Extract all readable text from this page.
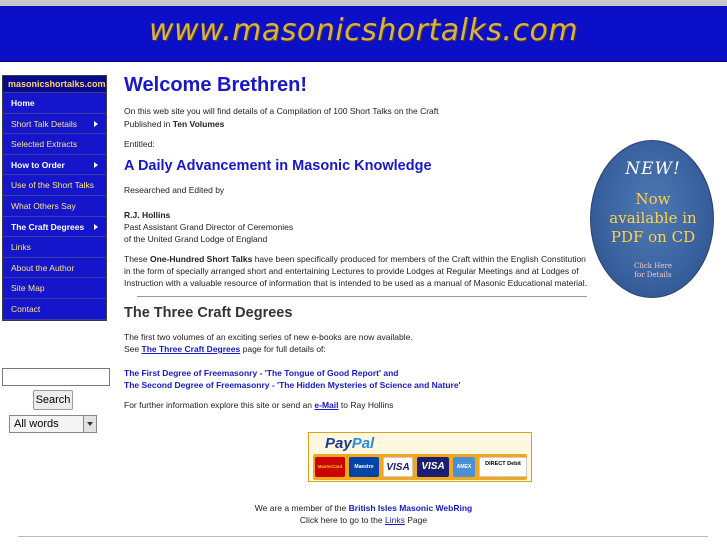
www.masonicshortalks.com
masonicshortalks.com
Home
Short Talk Details
Selected Extracts
How to Order
Use of the Short Talks
What Others Say
The Craft Degrees
Links
About the Author
Site Map
Contact
Search
All words
Welcome Brethren!
On this web site you will find details of a Compilation of 100 Short Talks on the Craft
Published in Ten Volumes
Entitled:
A Daily Advancement in Masonic Knowledge
Researched and Edited by
R.J. Hollins
Past Assistant Grand Director of Ceremonies
of the United Grand Lodge of England
These One-Hundred Short Talks have been specifically produced for members of the Craft within the English Constitution in the form of specially arranged short and entertaining Lectures to provide Lodges at Regular Meetings and at Lodges of Instruction with a valuable resource of information that is intended to be used as a manual of Masonic Educational material.
The Three Craft Degrees
The first two volumes of an exciting series of new e-books are now available.
See The Three Craft Degrees page for full details of:
The First Degree of Freemasonry - 'The Tongue of Good Report' and
The Second Degree of Freemasonry - 'The Hidden Mysteries of Science and Nature'
For further information explore this site or send an e-Mail to Ray Hollins
NEW!
Now
available in
PDF on CD
Click Here
for Details
PayPal
MasterCard	Maestro	VISA	VISA	AMEX	DIRECT Debit
We are a member of the British Isles Masonic WebRing
Click here to go to the Links Page
